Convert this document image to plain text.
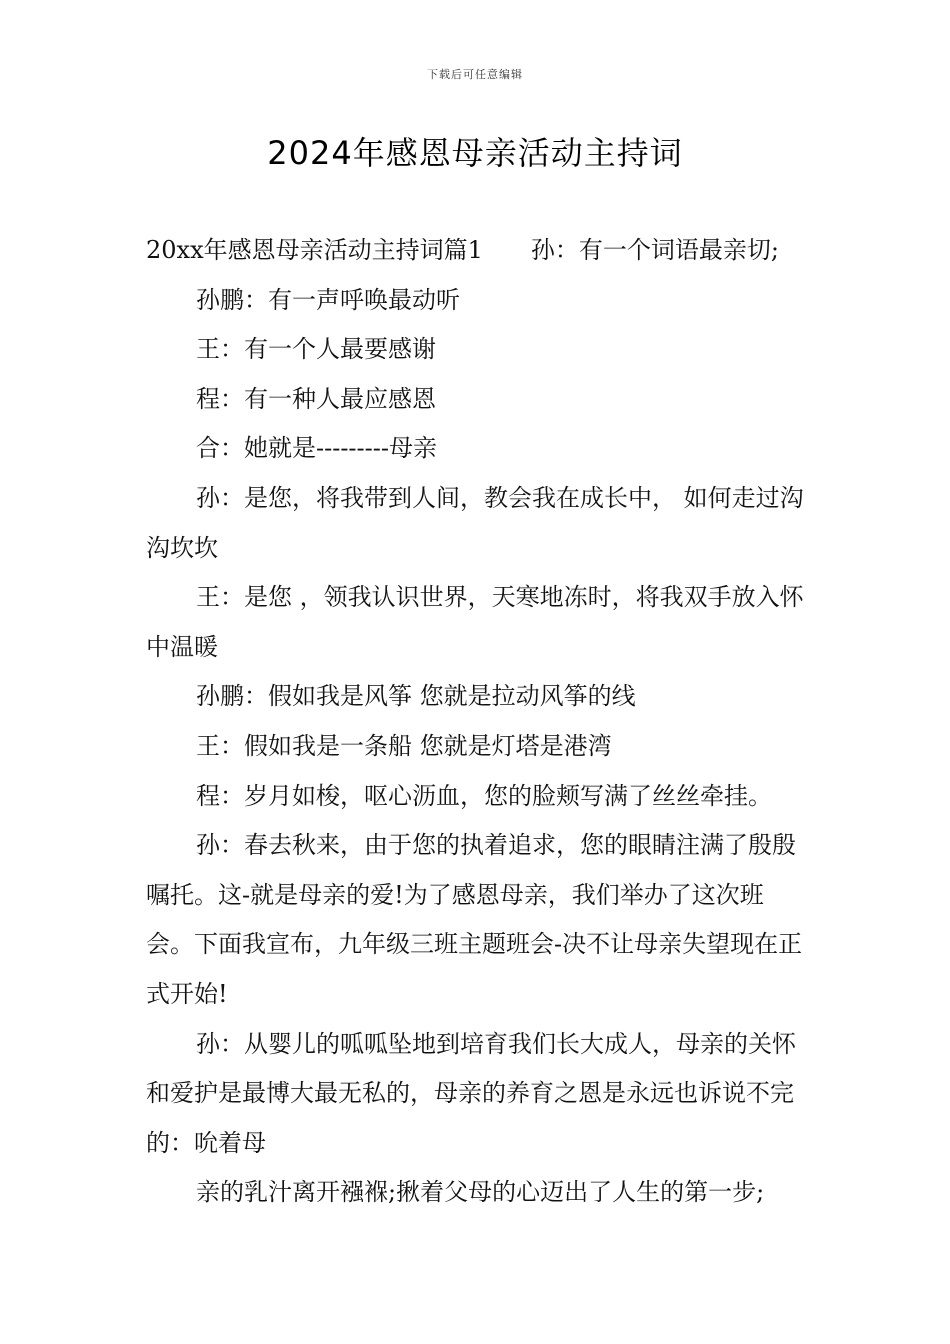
下载后可任意编辑
2024年感恩母亲活动主持词

20xx年感恩母亲活动主持词篇1 孙：有一个词语最亲切;

孙鹏：有一声呼唤最动听

王：有一个人最要感谢

程：有一种人最应感恩

合：她就是---------母亲

孙：是您，将我带到人间，教会我在成长中， 如何走过沟沟坎坎

王：是您 ，领我认识世界，天寒地冻时，将我双手放入怀中温暖

孙鹏：假如我是风筝 您就是拉动风筝的线

王：假如我是一条船 您就是灯塔是港湾

程：岁月如梭，呕心沥血，您的脸颊写满了丝丝牵挂。

孙：春去秋来，由于您的执着追求，您的眼睛注满了殷殷嘱托。这-就是母亲的爱!为了感恩母亲，我们举办了这次班会。下面我宣布，九年级三班主题班会-决不让母亲失望现在正式开始!

孙：从婴儿的呱呱坠地到培育我们长大成人，母亲的关怀和爱护是最博大最无私的，母亲的养育之恩是永远也诉说不完的：吮着母

亲的乳汁离开襁褓;揪着父母的心迈出了人生的第一步;
